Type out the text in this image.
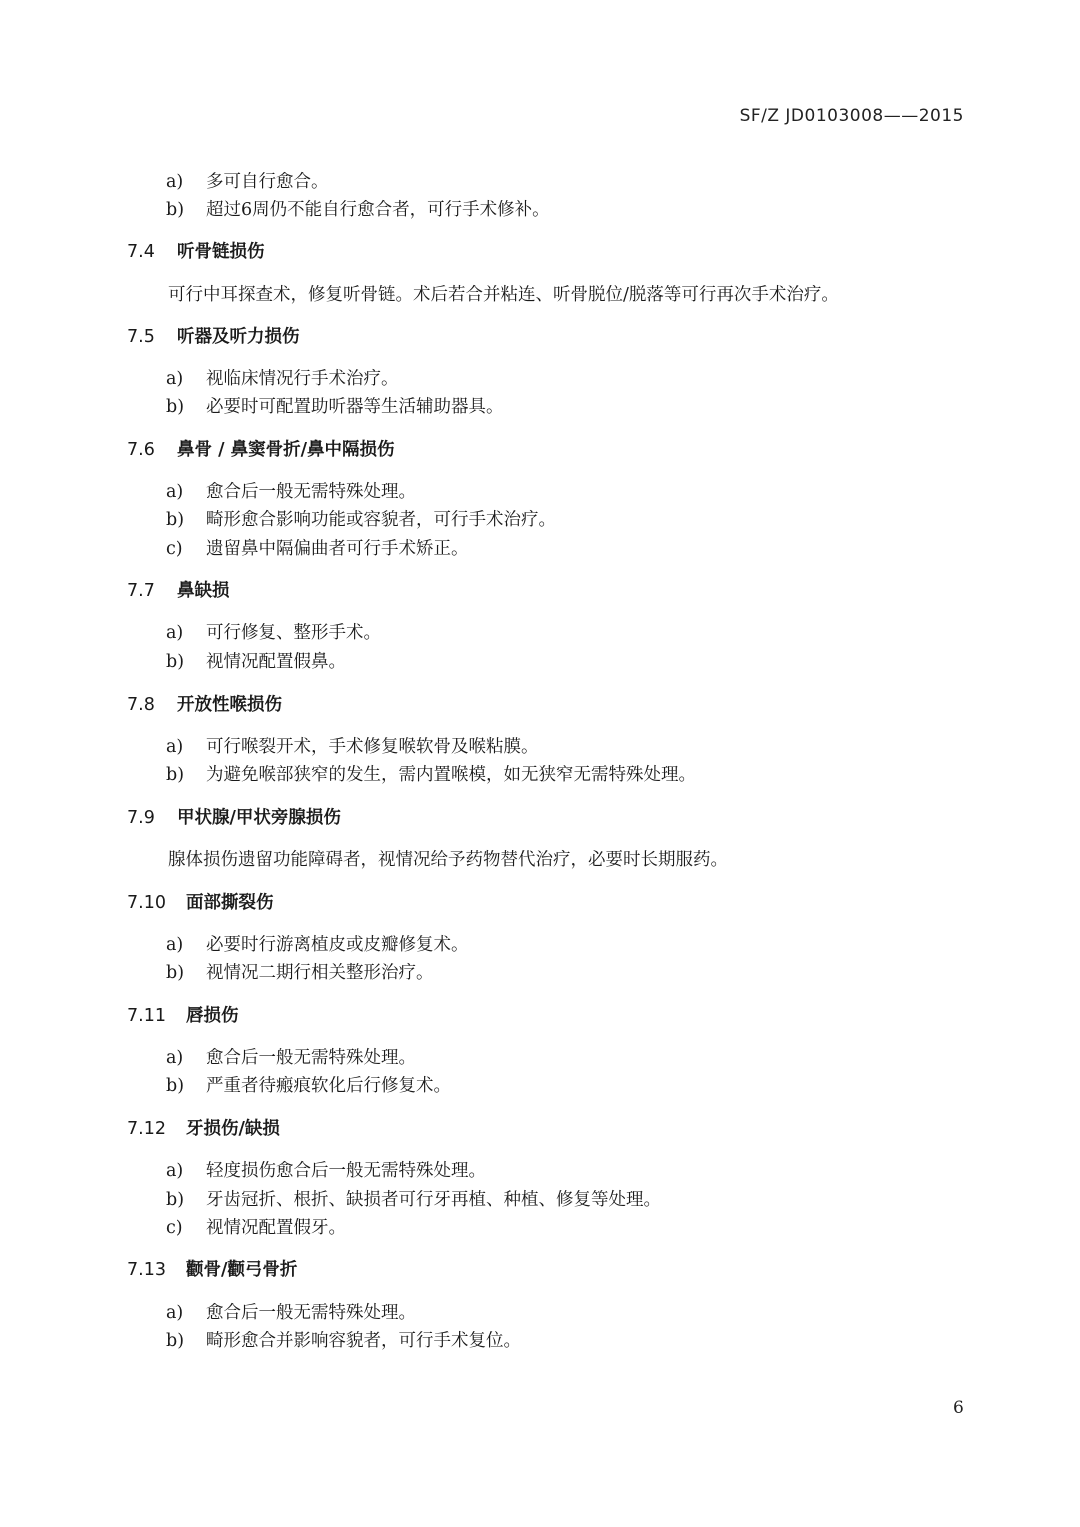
SF/Z JD0103008——2015
a) 多可自行愈合。
b) 超过6周仍不能自行愈合者，可行手术修补。
7.4 听骨链损伤
可行中耳探查术，修复听骨链。术后若合并粘连、听骨脱位/脱落等可行再次手术治疗。
7.5 听器及听力损伤
a) 视临床情况行手术治疗。
b) 必要时可配置助听器等生活辅助器具。
7.6 鼻骨 / 鼻窦骨折/鼻中隔损伤
a) 愈合后一般无需特殊处理。
b) 畸形愈合影响功能或容貌者，可行手术治疗。
c) 遗留鼻中隔偏曲者可行手术矫正。
7.7 鼻缺损
a) 可行修复、整形手术。
b) 视情况配置假鼻。
7.8 开放性喉损伤
a) 可行喉裂开术，手术修复喉软骨及喉粘膜。
b) 为避免喉部狭窄的发生，需内置喉模，如无狭窄无需特殊处理。
7.9 甲状腺/甲状旁腺损伤
腺体损伤遗留功能障碍者，视情况给予药物替代治疗，必要时长期服药。
7.10 面部撕裂伤
a) 必要时行游离植皮或皮瓣修复术。
b) 视情况二期行相关整形治疗。
7.11 唇损伤
a) 愈合后一般无需特殊处理。
b) 严重者待瘢痕软化后行修复术。
7.12 牙损伤/缺损
a) 轻度损伤愈合后一般无需特殊处理。
b) 牙齿冠折、根折、缺损者可行牙再植、种植、修复等处理。
c) 视情况配置假牙。
7.13 颧骨/颧弓骨折
a) 愈合后一般无需特殊处理。
b) 畸形愈合并影响容貌者，可行手术复位。
6
